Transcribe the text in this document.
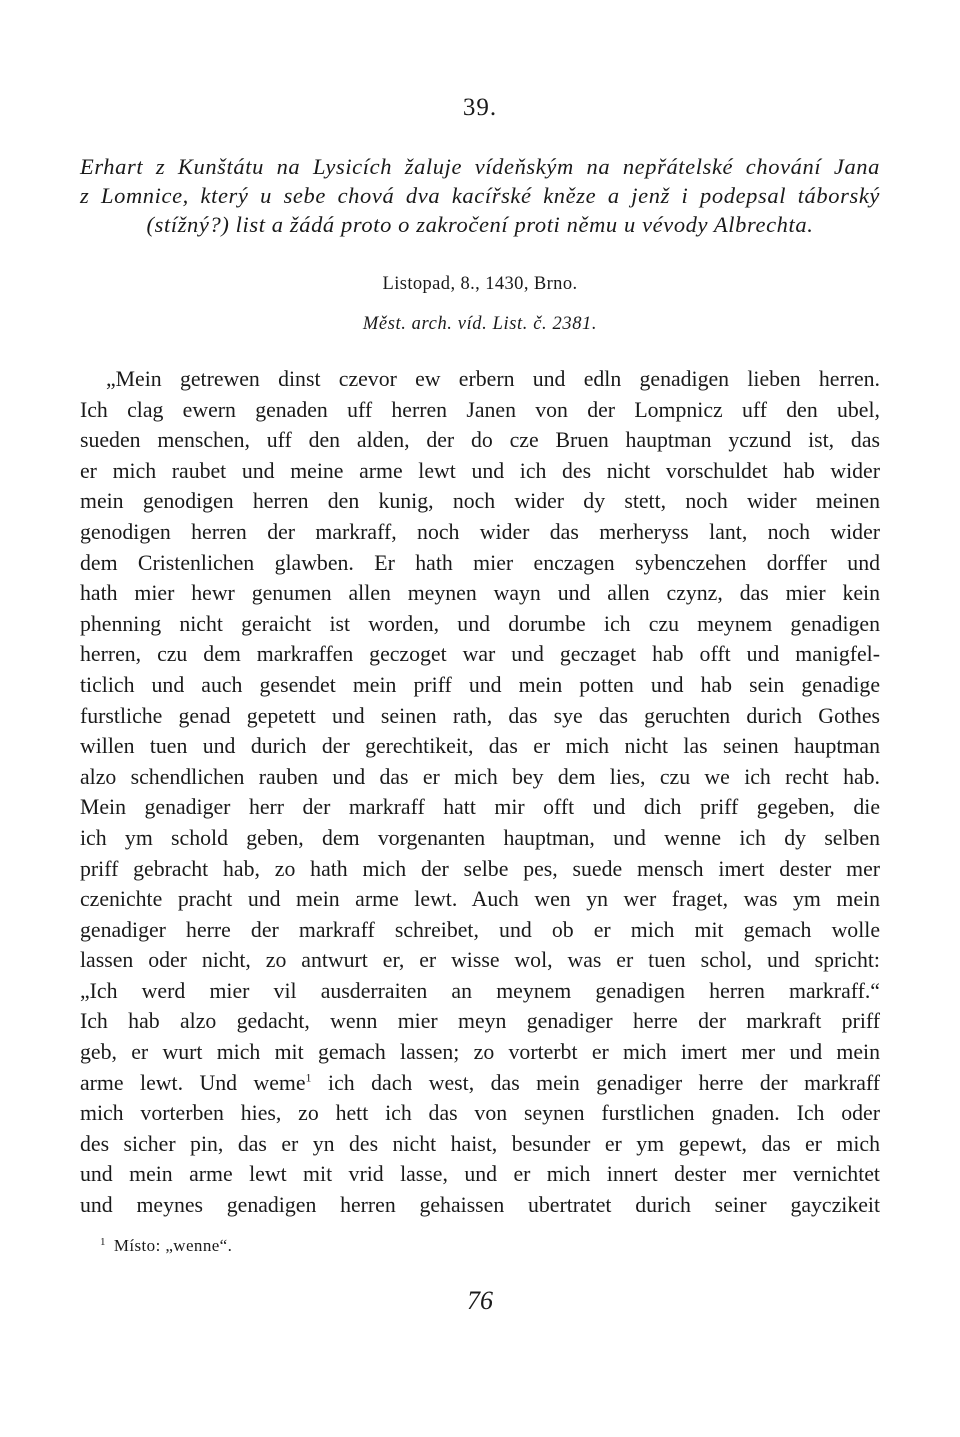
39.
Erhart z Kunštátu na Lysicích žaluje vídeňským na nepřátelské chování Jana
z Lomnice, který u sebe chová dva kacířské kněze a jenž i podepsal táborský
(stížný?) list a žádá proto o zakročení proti němu u vévody Albrechta.
Listopad, 8., 1430, Brno.
Měst. arch. víd. List. č. 2381.
„Mein getrewen dinst czevor ew erbern und edln genadigen lieben herren.
Ich clag ewern genaden uff herren Janen von der Lompnicz uff den ubel,
sueden menschen, uff den alden, der do cze Bruen hauptman yczund ist, das
er mich raubet und meine arme lewt und ich des nicht vorschuldet hab wider
mein genodigen herren den kunig, noch wider dy stett, noch wider meinen
genodigen herren der markraff, noch wider das merheryss lant, noch wider
dem Cristenlichen glawben. Er hath mier enczagen sybenczehen dorffer und
hath mier hewr genumen allen meynen wayn und allen czynz, das mier kein
phenning nicht geraicht ist worden, und dorumbe ich czu meynem genadigen
herren, czu dem markraffen geczoget war und geczaget hab offt und manigfel-
ticlich und auch gesendet mein priff und mein potten und hab sein genadige
furstliche genad gepetett und seinen rath, das sye das geruchten durich Gothes
willen tuen und durich der gerechtikeit, das er mich nicht las seinen hauptman
alzo schendlichen rauben und das er mich bey dem lies, czu we ich recht hab.
Mein genadiger herr der markraff hatt mir offt und dich priff gegeben, die
ich ym schold geben, dem vorgenanten hauptman, und wenne ich dy selben
priff gebracht hab, zo hath mich der selbe pes, suede mensch imert dester mer
czenichte pracht und mein arme lewt. Auch wen yn wer fraget, was ym mein
genadiger herre der markraff schreibet, und ob er mich mit gemach wolle
lassen oder nicht, zo antwurt er, er wisse wol, was er tuen schol, und spricht:
„Ich werd mier vil ausderraiten an meynem genadigen herren markraff.“
Ich hab alzo gedacht, wenn mier meyn genadiger herre der markraft priff
geb, er wurt mich mit gemach lassen; zo vorterbt er mich imert mer und mein
arme lewt. Und weme$^1$ ich dach west, das mein genadiger herre der markraff
mich vorterben hies, zo hett ich das von seynen furstlichen gnaden. Ich oder
des sicher pin, das er yn des nicht haist, besunder er ym gepewt, das er mich
und mein arme lewt mit vrid lasse, und er mich innert dester mer vernichtet
und meynes genadigen herren gehaissen ubertratet durich seiner gayczikeit
$^1$ Místo: „wenne“.
76
